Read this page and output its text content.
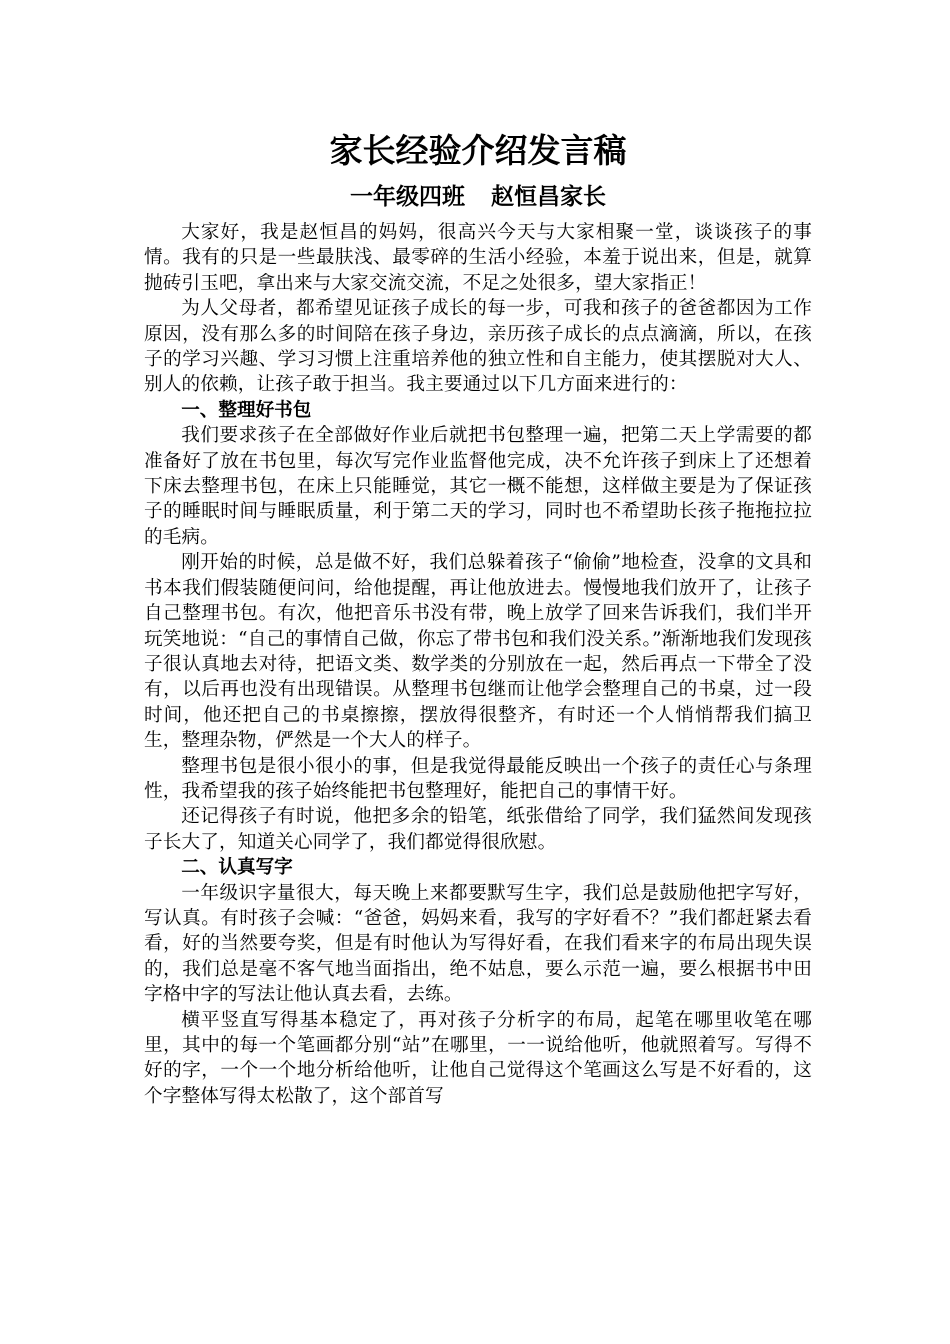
家长经验介绍发言稿
一年级四班 赵恒昌家长

大家好，我是赵恒昌的妈妈，很高兴今天与大家相聚一堂，谈谈孩子的事情。我有的只是一些最肤浅、最零碎的生活小经验，本羞于说出来，但是，就算抛砖引玉吧，拿出来与大家交流交流，不足之处很多，望大家指正！

为人父母者，都希望见证孩子成长的每一步，可我和孩子的爸爸都因为工作原因，没有那么多的时间陪在孩子身边，亲历孩子成长的点点滴滴，所以，在孩子的学习兴趣、学习习惯上注重培养他的独立性和自主能力，使其摆脱对大人、别人的依赖，让孩子敢于担当。我主要通过以下几方面来进行的：

一、整理好书包

我们要求孩子在全部做好作业后就把书包整理一遍，把第二天上学需要的都准备好了放在书包里，每次写完作业监督他完成，决不允许孩子到床上了还想着下床去整理书包，在床上只能睡觉，其它一概不能想，这样做主要是为了保证孩子的睡眠时间与睡眠质量，利于第二天的学习，同时也不希望助长孩子拖拖拉拉的毛病。

刚开始的时候，总是做不好，我们总躲着孩子“偷偷”地检查，没拿的文具和书本我们假装随便问问，给他提醒，再让他放进去。慢慢地我们放开了，让孩子自己整理书包。有次，他把音乐书没有带，晚上放学了回来告诉我们，我们半开玩笑地说：“自己的事情自己做，你忘了带书包和我们没关系。”渐渐地我们发现孩子很认真地去对待，把语文类、数学类的分别放在一起，然后再点一下带全了没有，以后再也没有出现错误。从整理书包继而让他学会整理自己的书桌，过一段时间，他还把自己的书桌擦擦，摆放得很整齐，有时还一个人悄悄帮我们搞卫生，整理杂物，俨然是一个大人的样子。

整理书包是很小很小的事，但是我觉得最能反映出一个孩子的责任心与条理性，我希望我的孩子始终能把书包整理好，能把自己的事情干好。

还记得孩子有时说，他把多余的铅笔，纸张借给了同学，我们猛然间发现孩子长大了，知道关心同学了，我们都觉得很欣慰。

二、认真写字

一年级识字量很大，每天晚上来都要默写生字，我们总是鼓励他把字写好，写认真。有时孩子会喊：“爸爸，妈妈来看，我写的字好看不？”我们都赶紧去看看，好的当然要夸奖，但是有时他认为写得好看，在我们看来字的布局出现失误的，我们总是毫不客气地当面指出，绝不姑息，要么示范一遍，要么根据书中田字格中字的写法让他认真去看，去练。

横平竖直写得基本稳定了，再对孩子分析字的布局，起笔在哪里收笔在哪里，其中的每一个笔画都分别“站”在哪里，一一说给他听，他就照着写。写得不好的字，一个一个地分析给他听，让他自己觉得这个笔画这么写是不好看的，这个字整体写得太松散了，这个部首写
